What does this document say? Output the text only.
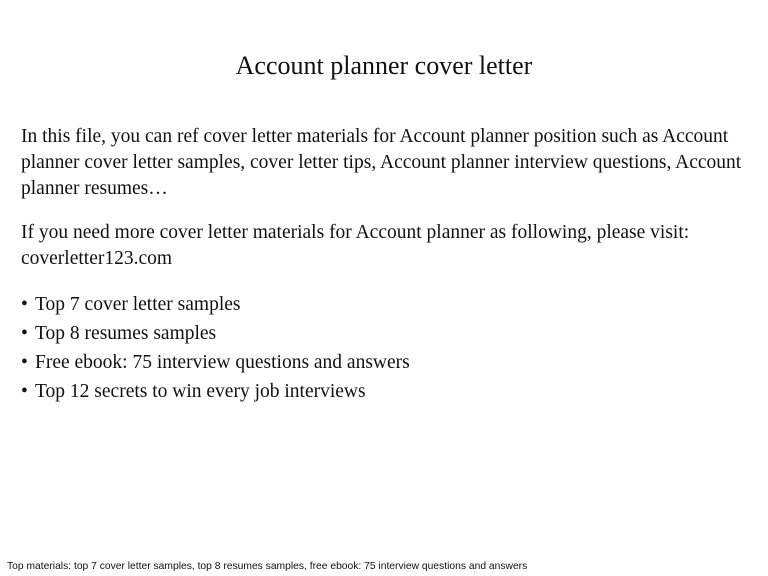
Account planner cover letter

In this file, you can ref cover letter materials for Account planner position such as Account planner cover letter samples, cover letter tips, Account planner interview questions, Account planner resumes…

If you need more cover letter materials for Account planner as following, please visit: coverletter123.com

• Top 7 cover letter samples
• Top 8 resumes samples
• Free ebook: 75 interview questions and answers
• Top 12 secrets to win every job interviews
Top materials: top 7 cover letter samples, top 8 resumes samples, free ebook: 75 interview questions and answers
